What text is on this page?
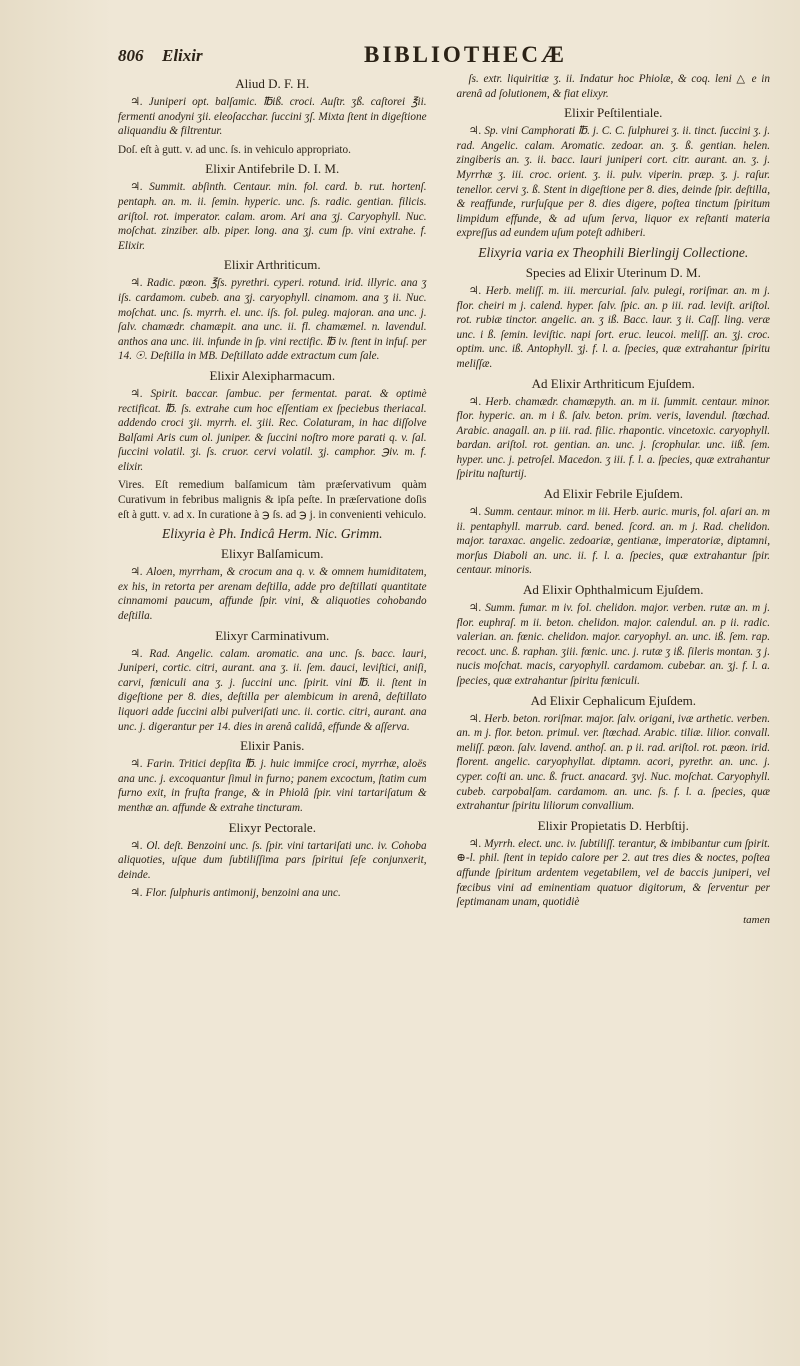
806 Elixir	BIBLIOTHECÆ
Aliud D. F. H.
♃. Juniperi opt. balſamic. ℔iß. croci. Auſtr. ʒß. caſtorei ℥ii. fermenti anodyni ʒii. eleoſacchar. ſuccini ʒſ. Mixta ſtent in digeſtione aliquandiu & filtrentur.
Doſ. eſt à gutt. v. ad unc. ſs. in vehiculo appropriato.
Elixir Antifebrile D. I. M.
♃. Summit. abſinth. Centaur. min. fol. card. b. rut. hortenſ. pentaph. an. m. ii. ſemin. hyperic. unc. ſs. radic. gentian. filicis. ariſtol. rot. imperator. calam. arom. Ari ana ʒj. Caryophyll. Nuc. moſchat. zinziber. alb. piper. long. ana ʒj. cum ſp. vini extrahe. f. Elixir.
Elixir Arthriticum.
♃. Radic. pœon. ℥ſs. pyrethri. cyperi. rotund. irid. illyric. ana ʒ iſs. cardamom. cubeb. ana ʒj. caryophyll. cinamom. ana ʒ ii. Nuc. moſchat. unc. ſs. myrrh. el. unc. iſs. fol. puleg. majoran. ana unc. j. ſalv. chamædr. chamæpit. ana unc. ii. fl. chamæmel. n. lavendul. anthos ana unc. iii. infunde in ſp. vini rectific. ℔ iv. ſtent in infuſ. per 14. ☉. Deſtilla in MB. Deſtillato adde extractum cum ſale.
Elixir Alexipharmacum.
♃. Spirit. baccar. ſambuc. per fermentat. parat. & optimè rectificat. ℔. ſs. extrahe cum hoc eſſentiam ex ſpeciebus theriacal. addendo croci ʒii. myrrh. el. ʒiii. Rec. Colaturam, in hac diſſolve Balſami Aris cum ol. juniper. & ſuccini noſtro more parati q. v. ſal. ſuccini volatil. ʒi. ſs. cruor. cervi volatil. ʒj. camphor. ℈iv. m. f. elixir.
Vires. Eſt remedium balſamicum tàm præſervativum quàm Curativum in febribus malignis & ipſa peſte. In præſervatione doſis eſt à gutt. v. ad x. In curatione à ℈ ſs. ad ℈ j. in convenienti vehiculo.
Elixyria è Ph. Indicâ Herm. Nic. Grimm.
Elixyr Balſamicum.
♃. Aloen, myrrham, & crocum ana q. v. & omnem humiditatem, ex his, in retorta per arenam deſtilla, adde pro deſtillati quantitate cinnamomi paucum, affunde ſpir. vini, & aliquoties cohobando deſtilla.
Elixyr Carminativum.
♃. Rad. Angelic. calam. aromatic. ana unc. ſs. bacc. lauri, Juniperi, cortic. citri, aurant. ana ʒ. ii. ſem. dauci, leviſtici, aniſi, carvi, fœniculi ana ʒ. j. ſuccini unc. ſpirit. vini ℔. ii. ſtent in digeſtione per 8. dies, deſtilla per alembicum in arenâ, deſtillato liquori adde ſuccini albi pulveriſati unc. ii. cortic. citri, aurant. ana unc. j. digerantur per 14. dies in arenâ calidâ, effunde & aſſerva.
Elixir Panis.
♃. Farin. Tritici depſita ℔. j. huic immiſce croci, myrrhæ, aloës ana unc. j. excoquantur ſimul in furno; panem excoctum, ſtatim cum furno exit, in fruſta frange, & in Phiolâ ſpir. vini tartariſatum & menthæ an. affunde & extrahe tincturam.
Elixyr Pectorale.
♃. Ol. deſt. Benzoini unc. ſs. ſpir. vini tartariſati unc. iv. Cohoba aliquoties, uſque dum ſubtiliſſima pars ſpiritui ſeſe conjunxerit, deinde.
♃. Flor. ſulphuris antimonij, benzoini ana unc.
ſs. extr. liquiritiæ ʒ. ii. Indatur hoc Phiolæ, & coq. leni △ e in arenâ ad ſolutionem, & fiat elixyr.
Elixir Peſtilentiale.
♃. Sp. vini Camphorati ℔. j. C. C. ſulphurei ʒ. ii. tinct. ſuccini ʒ. j. rad. Angelic. calam. Aromatic. zedoar. an. ʒ. ß. gentian. helen. zingiberis an. ʒ. ii. bacc. lauri juniperi cort. citr. aurant. an. ʒ. j. Myrrhæ ʒ. iii. croc. orient. ʒ. ii. pulv. viperin. præp. ʒ. j. raſur. tenellor. cervi ʒ. ß. Stent in digeſtione per 8. dies, deinde ſpir. deſtilla, & reaffunde, rurſuſque per 8. dies digere, poſtea tinctum ſpiritum limpidum effunde, & ad uſum ſerva, liquor ex reſtanti materia expreſſus ad eundem uſum poteſt adhiberi.
Elixyria varia ex Theophili Bierlingij Collectione.
Species ad Elixir Uterinum D. M.
♃. Herb. meliſſ. m. iii. mercurial. ſalv. pulegi, roriſmar. an. m j. flor. cheiri m j. calend. hyper. ſalv. ſpic. an. p iii. rad. leviſt. ariſtol. rot. rubiæ tinctor. angelic. an. ʒ iß. Bacc. laur. ʒ ii. Caſſ. ling. veræ unc. i ß. ſemin. leviſtic. napi ſort. eruc. leucoi. meliſſ. an. ʒj. croc. optim. unc. iß. Antophyll. ʒj. f. l. a. ſpecies, quæ extrahantur ſpiritu meliſſæ.
Ad Elixir Arthriticum Ejuſdem.
♃. Herb. chamædr. chamæpyth. an. m ii. ſummit. centaur. minor. flor. hyperic. an. m i ß. ſalv. beton. prim. veris, lavendul. ſtœchad. Arabic. anagall. an. p iii. rad. filic. rhapontic. vincetoxic. caryophyll. bardan. ariſtol. rot. gentian. an. unc. j. ſcrophular. unc. iiß. ſem. hyper. unc. j. petroſel. Macedon. ʒ iii. f. l. a. ſpecies, quæ extrahantur ſpiritu naſturtij.
Ad Elixir Febrile Ejuſdem.
♃. Summ. centaur. minor. m iii. Herb. auric. muris, fol. aſari an. m ii. pentaphyll. marrub. card. bened. ſcord. an. m j. Rad. chelidon. major. taraxac. angelic. zedoariæ, gentianæ, imperatoriæ, diptamni, morſus Diaboli an. unc. ii. f. l. a. ſpecies, quæ extrahantur ſpir. centaur. minoris.
Ad Elixir Ophthalmicum Ejuſdem.
♃. Summ. fumar. m iv. fol. chelidon. major. verben. rutæ an. m j. flor. euphraſ. m ii. beton. chelidon. major. calendul. an. p ii. radic. valerian. an. fœnic. chelidon. major. caryophyl. an. unc. iß. ſem. rap. recoct. unc. ß. raphan. ʒiii. fœnic. unc. j. rutæ ʒ iß. ſileris montan. ʒ j. nucis moſchat. macis, caryophyll. cardamom. cubebar. an. ʒj. f. l. a. ſpecies, quæ extrahantur ſpiritu fœniculi.
Ad Elixir Cephalicum Ejuſdem.
♃. Herb. beton. roriſmar. major. ſalv. origani, ivæ arthetic. verben. an. m j. flor. beton. primul. ver. ſtœchad. Arabic. tiliæ. lilior. convall. meliſſ. pæon. ſalv. lavend. anthoſ. an. p ii. rad. ariſtol. rot. pæon. irid. florent. angelic. caryophyllat. diptamn. acori, pyrethr. an. unc. j. cyper. coſti an. unc. ß. fruct. anacard. ʒvj. Nuc. moſchat. Caryophyll. cubeb. carpobalſam. cardamom. an. unc. ſs. f. l. a. ſpecies, quæ extrahantur ſpiritu liliorum convallium.
Elixir Propietatis D. Herbſtij.
♃. Myrrh. elect. unc. iv. ſubtiliſſ. terantur, & imbibantur cum ſpirit. ⊕-l. phil. ſtent in tepido calore per 2. aut tres dies & noctes, poſtea affunde ſpiritum ardentem vegetabilem, vel de baccis juniperi, vel fœcibus vini ad eminentiam quatuor digitorum, & ſerventur per ſeptimanam unam, quotidiè
tamen
